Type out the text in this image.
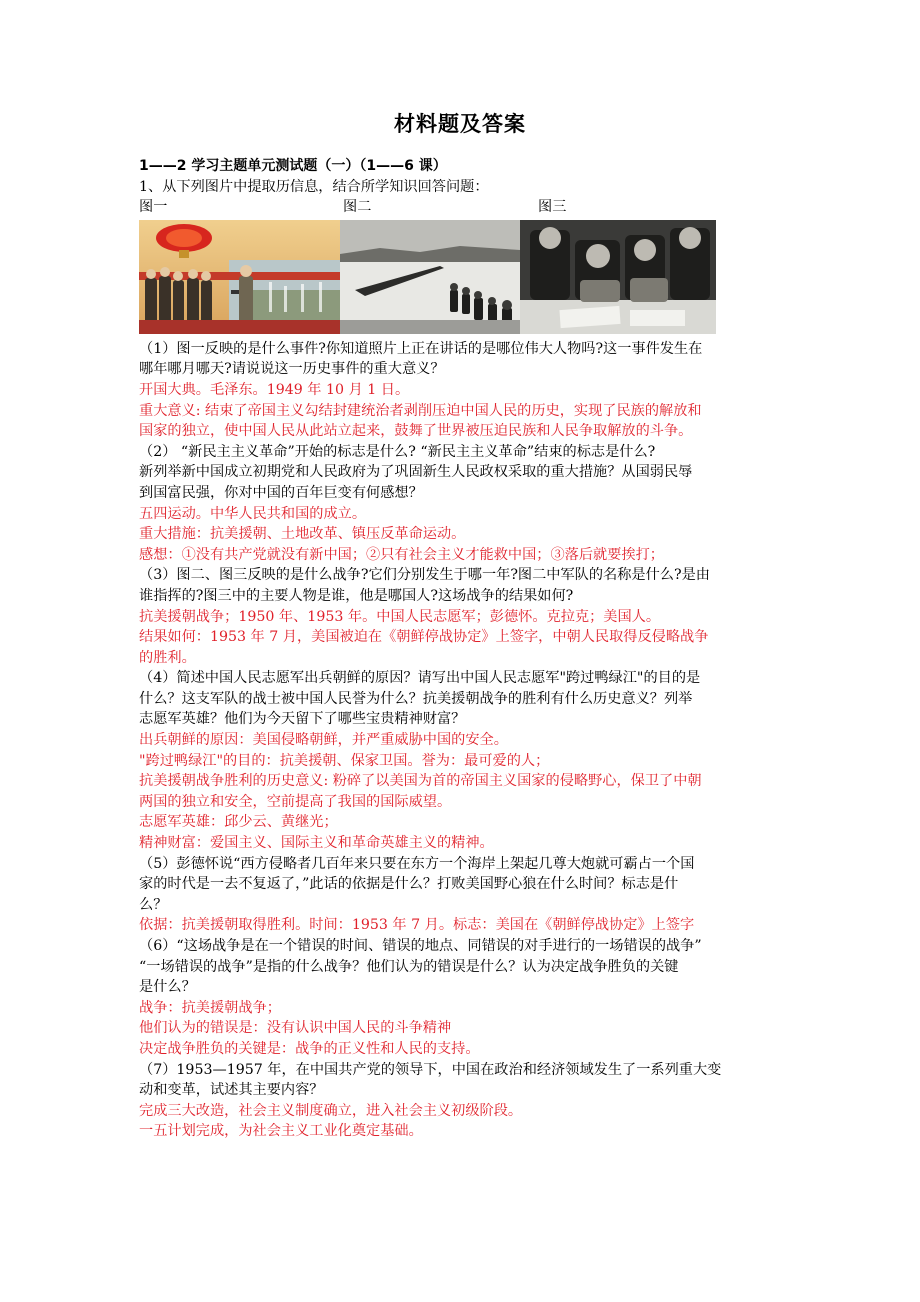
材料题及答案

1——2 学习主题单元测试题（一）（1——6 课）

1、从下列图片中提取历信息，结合所学知识回答问题：

图一	图二	图三

（1）图一反映的是什么事件?你知道照片上正在讲话的是哪位伟大人物吗?这一事件发生在

哪年哪月哪天?请说说这一历史事件的重大意义？

开国大典。毛泽东。1949 年 10 月 1 日。

重大意义: 结束了帝国主义勾结封建统治者剥削压迫中国人民的历史，实现了民族的解放和

国家的独立，使中国人民从此站立起来，鼓舞了世界被压迫民族和人民争取解放的斗争。

（2） “新民主主义革命”开始的标志是什么? “新民主主义革命”结束的标志是什么?

新列举新中国成立初期党和人民政府为了巩固新生人民政权采取的重大措施？从国弱民辱

到国富民强，你对中国的百年巨变有何感想？

五四运动。中华人民共和国的成立。

重大措施：抗美援朝、土地改革、镇压反革命运动。

感想：①没有共产党就没有新中国；②只有社会主义才能救中国；③落后就要挨打；

（3）图二、图三反映的是什么战争?它们分别发生于哪一年?图二中军队的名称是什么?是由

谁指挥的?图三中的主要人物是谁，他是哪国人?这场战争的结果如何?

抗美援朝战争；1950 年、1953 年。中国人民志愿军；彭德怀。克拉克；美国人。

结果如何：1953 年 7 月，美国被迫在《朝鲜停战协定》上签字，中朝人民取得反侵略战争

的胜利。

（4）简述中国人民志愿军出兵朝鲜的原因？请写出中国人民志愿军"跨过鸭绿江"的目的是

什么？这支军队的战士被中国人民誉为什么？抗美援朝战争的胜利有什么历史意义？列举

志愿军英雄？他们为今天留下了哪些宝贵精神财富？

出兵朝鲜的原因：美国侵略朝鲜，并严重威胁中国的安全。

"跨过鸭绿江"的目的：抗美援朝、保家卫国。誉为：最可爱的人；

抗美援朝战争胜利的历史意义: 粉碎了以美国为首的帝国主义国家的侵略野心，保卫了中朝

两国的独立和安全，空前提高了我国的国际威望。

志愿军英雄：邱少云、黄继光；

精神财富：爱国主义、国际主义和革命英雄主义的精神。

（5）彭德怀说“西方侵略者几百年来只要在东方一个海岸上架起几尊大炮就可霸占一个国

家的时代是一去不复返了，”此话的依据是什么？打败美国野心狼在什么时间？标志是什

么？

依据：抗美援朝取得胜利。时间：1953 年 7 月。标志：美国在《朝鲜停战协定》上签字

（6）“这场战争是在一个错误的时间、错误的地点、同错误的对手进行的一场错误的战争”

“一场错误的战争”是指的什么战争？他们认为的错误是什么？认为决定战争胜负的关键

是什么？

战争：抗美援朝战争；

他们认为的错误是：没有认识中国人民的斗争精神

决定战争胜负的关键是：战争的正义性和人民的支持。

（7）1953—1957 年，在中国共产党的领导下，中国在政治和经济领域发生了一系列重大变

动和变革，试述其主要内容？

完成三大改造，社会主义制度确立，进入社会主义初级阶段。

一五计划完成，为社会主义工业化奠定基础。
